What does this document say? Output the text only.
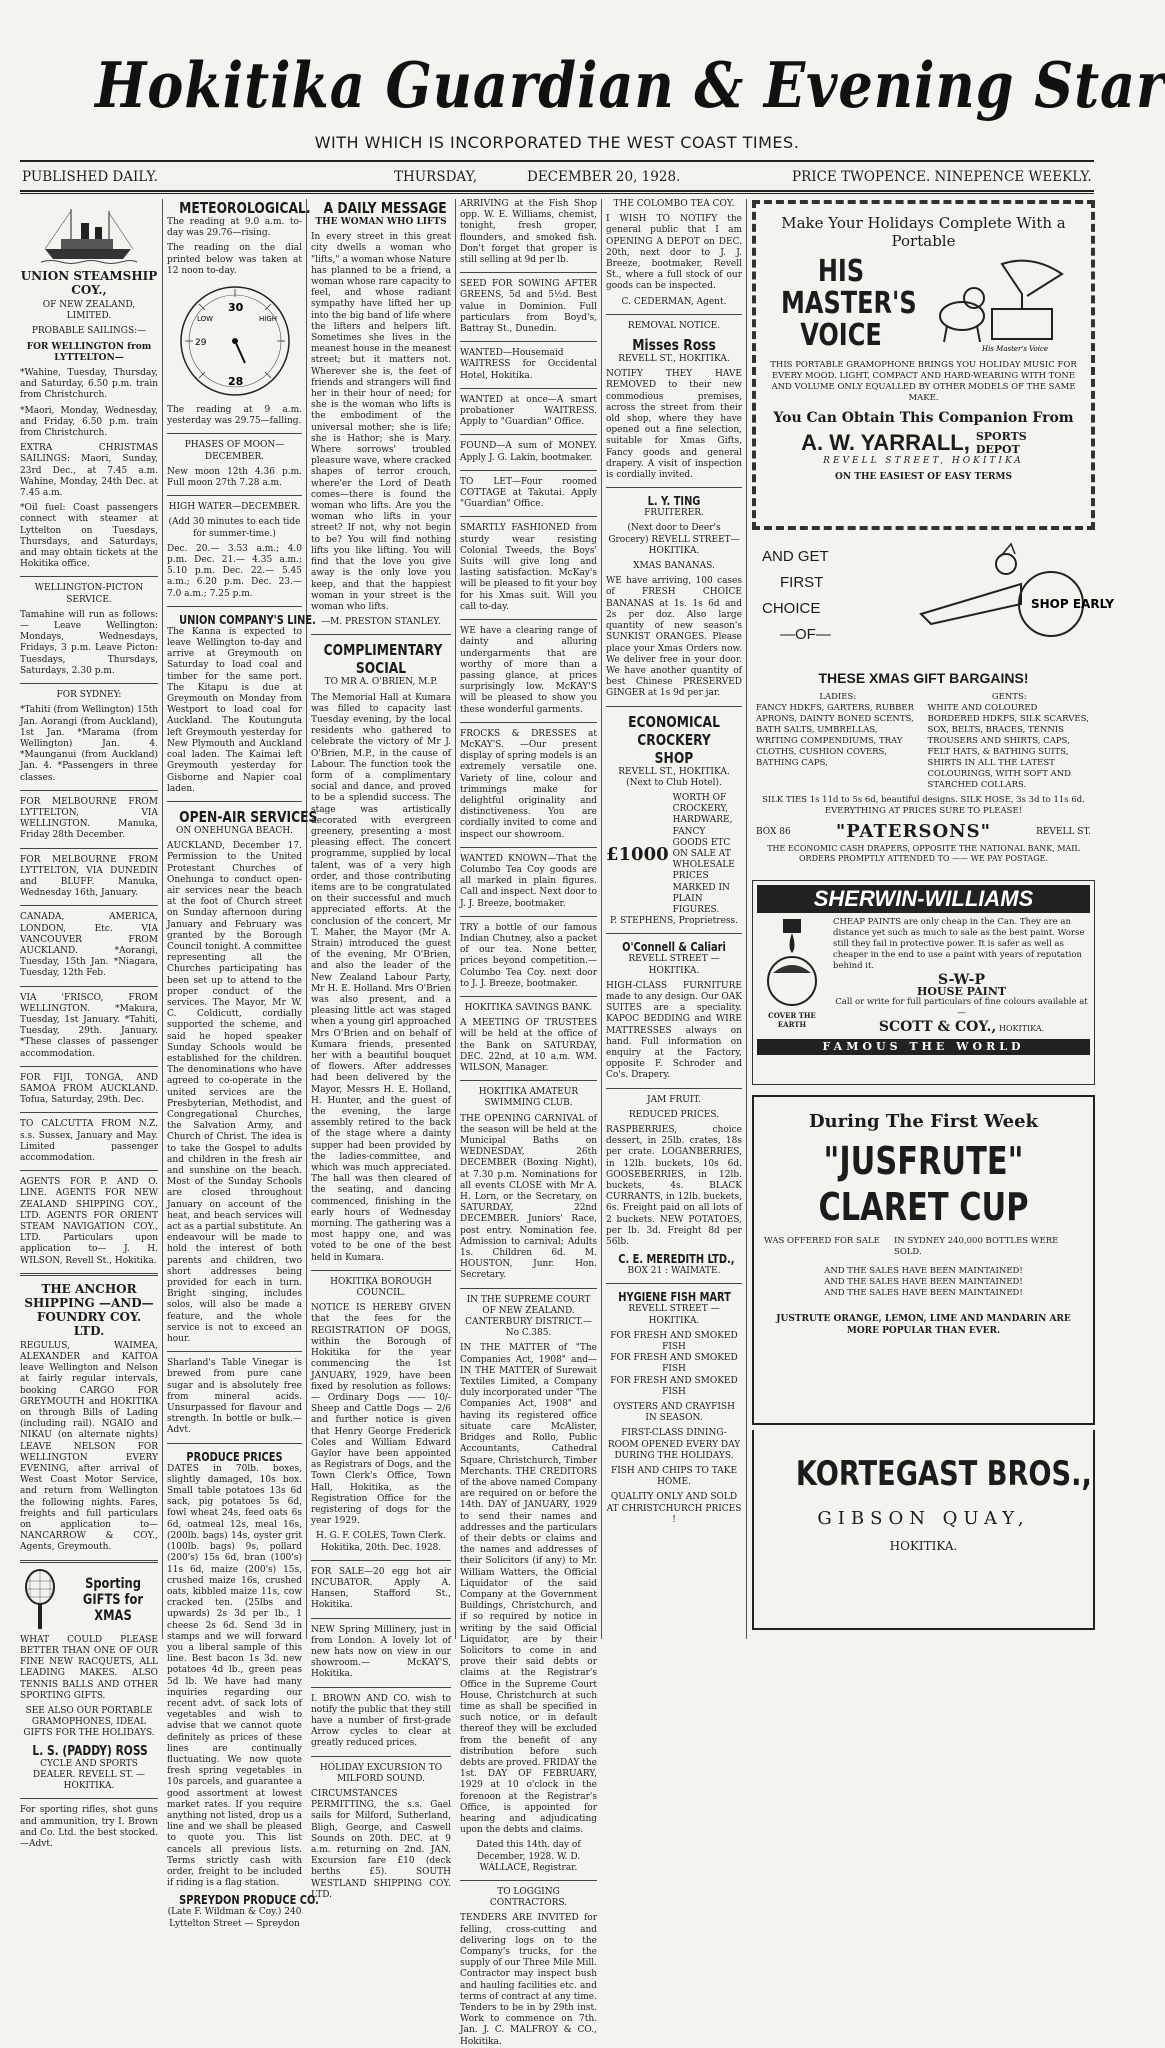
Hokitika Guardian & Evening Star
WITH WHICH IS INCORPORATED THE WEST COAST TIMES.
PUBLISHED DAILY.	THURSDAY,	DECEMBER 20, 1928.	PRICE TWOPENCE. NINEPENCE WEEKLY.
UNION STEAMSHIP COY.,

OF NEW ZEALAND, LIMITED.

PROBABLE SAILINGS:—

FOR WELLINGTON from LYTTELTON—

*Wahine, Tuesday, Thursday, and Saturday, 6.50 p.m. train from Christchurch.

*Maori, Monday, Wednesday, and Friday, 6.50 p.m. train from Christchurch.

EXTRA CHRISTMAS SAILINGS: Maori, Sunday, 23rd Dec., at 7.45 a.m. Wahine, Monday, 24th Dec. at 7.45 a.m.

*Oil fuel: Coast passengers connect with steamer at Lyttelton on Tuesdays, Thursdays, and Saturdays, and may obtain tickets at the Hokitika office.

WELLINGTON-PICTON SERVICE.

Tamahine will run as follows:— Leave Wellington: Mondays, Wednesdays, Fridays, 3 p.m. Leave Picton: Tuesdays, Thursdays, Saturdays, 2.30 p.m.

FOR SYDNEY:

*Tahiti (from Wellington) 15th Jan. Aorangi (from Auckland), 1st Jan. *Marama (from Wellington) Jan. 4. *Maunganui (from Auckland) Jan. 4. *Passengers in three classes.

FOR MELBOURNE FROM LYTTELTON, VIA WELLINGTON. Manuka, Friday 28th December.

FOR MELBOURNE FROM LYTTELTON, VIA DUNEDIN and BLUFF. Manuka, Wednesday 16th, January.

CANADA, AMERICA, LONDON, Etc. VIA VANCOUVER FROM AUCKLAND. *Aorangi, Tuesday, 15th Jan. *Niagara, Tuesday, 12th Feb.

VIA 'FRISCO, FROM WELLINGTON. *Makura, Tuesday, 1st January. *Tahiti, Tuesday, 29th. January. *These classes of passenger accommodation.

FOR FIJI, TONGA, AND SAMOA FROM AUCKLAND. Tofua, Saturday, 29th. Dec.

TO CALCUTTA FROM N.Z. s.s. Sussex, January and May. Limited passenger accommodation.

AGENTS FOR P. AND O. LINE. AGENTS FOR NEW ZEALAND SHIPPING COY., LTD. AGENTS FOR ORIENT STEAM NAVIGATION COY., LTD. Particulars upon application to— J. H. WILSON, Revell St., Hokitika.

THE ANCHOR SHIPPING —AND— FOUNDRY COY. LTD.

REGULUS, WAIMEA, ALEXANDER and KAITOA leave Wellington and Nelson at fairly regular intervals, booking CARGO FOR GREYMOUTH and HOKITIKA on through Bills of Lading (including rail). NGAIO and NIKAU (on alternate nights) LEAVE NELSON FOR WELLINGTON EVERY EVENING, after arrival of West Coast Motor Service, and return from Wellington the following nights. Fares, freights and full particulars on application to— NANCARROW & COY., Agents, Greymouth.

Sporting GIFTS for XMAS

WHAT COULD PLEASE BETTER THAN ONE OF OUR FINE NEW RACQUETS, ALL LEADING MAKES. ALSO TENNIS BALLS AND OTHER SPORTING GIFTS.

SEE ALSO OUR PORTABLE GRAMOPHONES, IDEAL GIFTS FOR THE HOLIDAYS.

L. S. (PADDY) ROSS

CYCLE AND SPORTS DEALER. REVELL ST. — HOKITIKA.

For sporting rifles, shot guns and ammunition, try I. Brown and Co. Ltd. the best stocked.—Advt.

METEOROLOGICAL.

The reading at 9.0 a.m. to-day was 29.76—rising.

The reading on the dial printed below was taken at 12 noon to-day.

LOW	HIGH
30
29
28

The reading at 9 a.m. yesterday was 29.75—falling.

PHASES OF MOON—DECEMBER.

New moon 12th 4.36 p.m. Full moon 27th 7.28 a.m.

HIGH WATER—DECEMBER.

(Add 30 minutes to each tide for summer-time.)

Dec. 20.— 3.53 a.m.; 4.0 p.m. Dec. 21.— 4.35 a.m.; 5.10 p.m. Dec. 22.— 5.45 a.m.; 6.20 p.m. Dec. 23.— 7.0 a.m.; 7.25 p.m.

UNION COMPANY'S LINE.

The Kanna is expected to leave Wellington to-day and arrive at Greymouth on Saturday to load coal and timber for the same port. The Kitapu is due at Greymouth on Monday from Westport to load coal for Auckland. The Koutunguta left Greymouth yesterday for New Plymouth and Auckland coal laden. The Kaimai left Greymouth yesterday for Gisborne and Napier coal laden.

OPEN-AIR SERVICES

ON ONEHUNGA BEACH.

AUCKLAND, December 17. Permission to the United Protestant Churches of Onehunga to conduct open-air services near the beach at the foot of Church street on Sunday afternoon during January and February was granted by the Borough Council tonight. A committee representing all the Churches participating has been set up to attend to the proper conduct of the services. The Mayor, Mr W. C. Coldicutt, cordially supported the scheme, and said he hoped speaker Sunday Schools would be established for the children. The denominations who have agreed to co-operate in the united services are the Presbyterian, Methodist, and Congregational Churches, the Salvation Army, and Church of Christ. The idea is to take the Gospel to adults and children in the fresh air and sunshine on the beach. Most of the Sunday Schools are closed throughout January on account of the heat, and beach services will act as a partial substitute. An endeavour will be made to hold the interest of both parents and children, two short addresses being provided for each in turn. Bright singing, includes solos, will also be made a feature, and the whole service is not to exceed an hour.

Sharland's Table Vinegar is brewed from pure cane sugar and is absolutely free from mineral acids. Unsurpassed for flavour and strength. In bottle or bulk.—Advt.

PRODUCE PRICES

DATES in 70lb. boxes, slightly damaged, 10s box. Small table potatoes 13s 6d sack, pig potatoes 5s 6d, fowl wheat 24s, feed oats 6s 6d, oatmeal 12s, meal 16s, (200lb. bags) 14s, oyster grit (100lb. bags) 9s, pollard (200's) 15s 6d, bran (100's) 11s 6d, maize (200's) 15s, crushed maize 16s, crushed oats, kibbled maize 11s, cow cracked ten. (25lbs and upwards) 2s 3d per lb., 1 cheese 2s 6d. Send 3d in stamps and we will forward you a liberal sample of this line. Best bacon 1s 3d. new potatoes 4d lb., green peas 5d lb. We have had many inquiries regarding our recent advt. of sack lots of vegetables and wish to advise that we cannot quote definitely as prices of these lines are continually fluctuating. We now quote fresh spring vegetables in 10s parcels, and guarantee a good assortment at lowest market rates. If you require anything not listed, drop us a line and we shall be pleased to quote you. This list cancels all previous lists. Terms strictly cash with order, freight to be included if riding is a flag station.

SPREYDON PRODUCE CO.

(Late F. Wildman & Coy.) 240 Lyttelton Street — Spreydon

A DAILY MESSAGE

THE WOMAN WHO LIFTS

In every street in this great city dwells a woman who "lifts," a woman whose Nature has planned to be a friend, a woman whose rare capacity to feel, and whose radiant sympathy have lifted her up into the big band of life where the lifters and helpers lift. Sometimes she lives in the meanest house in the meanest street; but it matters not. Wherever she is, the feet of friends and strangers will find her in their hour of need; for she is the woman who lifts is the embodiment of the universal mother; she is life; she is Hathor; she is Mary. Where sorrows' troubled pleasure wave, where cracked shapes of terror crouch, where'er the Lord of Death comes—there is found the woman who lifts. Are you the woman who lifts in your street? If not, why not begin to be? You will find nothing lifts you like lifting. You will find that the love you give away is the only love you keep, and that the happiest woman in your street is the woman who lifts.

—M. PRESTON STANLEY.

COMPLIMENTARY SOCIAL

TO MR A. O'BRIEN, M.P.

The Memorial Hall at Kumara was filled to capacity last Tuesday evening, by the local residents who gathered to celebrate the victory of Mr J. O'Brien, M.P., in the cause of Labour. The function took the form of a complimentary social and dance, and proved to be a splendid success. The stage was artistically decorated with evergreen greenery, presenting a most pleasing effect. The concert programme, supplied by local talent, was of a very high order, and those contributing items are to be congratulated on their successful and much appreciated efforts. At the conclusion of the concert, Mr T. Maher, the Mayor (Mr A. Strain) introduced the guest of the evening, Mr O'Brien, and also the leader of the New Zealand Labour Party, Mr H. E. Holland. Mrs O'Brien was also present, and a pleasing little act was staged when a young girl approached Mrs O'Brien and on behalf of Kumara friends, presented her with a beautiful bouquet of flowers. After addresses had been delivered by the Mayor, Messrs H. E. Holland, H. Hunter, and the guest of the evening, the large assembly retired to the back of the stage where a dainty supper had been provided by the ladies-committee, and which was much appreciated. The hall was then cleared of the seating, and dancing commenced, finishing in the early hours of Wednesday morning. The gathering was a most happy one, and was voted to be one of the best held in Kumara.

HOKITIKA BOROUGH COUNCIL.

NOTICE IS HEREBY GIVEN that the fees for the REGISTRATION OF DOGS, within the Borough of Hokitika for the year commencing the 1st JANUARY, 1929, have been fixed by resolution as follows:— Ordinary Dogs —— 10/- Sheep and Cattle Dogs — 2/6 and further notice is given that Henry George Frederick Coles and William Edward Gaylor have been appointed as Registrars of Dogs, and the Town Clerk's Office, Town Hall, Hokitika, as the Registration Office for the registering of dogs for the year 1929.

H. G. F. COLES, Town Clerk. Hokitika, 20th. Dec. 1928.

FOR SALE—20 egg hot air INCUBATOR. Apply A. Hansen, Stafford St., Hokitika.

NEW Spring Millinery, just in from London. A lovely lot of new hats now on view in our showroom.— McKAY'S, Hokitika.

I. BROWN AND CO. wish to notify the public that they still have a number of first-grade Arrow cycles to clear at greatly reduced prices.

HOLIDAY EXCURSION TO MILFORD SOUND.

CIRCUMSTANCES PERMITTING, the s.s. Gael sails for Milford, Sutherland, Bligh, George, and Caswell Sounds on 20th. DEC. at 9 a.m. returning on 2nd. JAN. Excursion fare £10 (deck berths £5). SOUTH WESTLAND SHIPPING COY. LTD.

ARRIVING at the Fish Shop opp. W. E. Williams, chemist, tonight, fresh groper, flounders, and smoked fish. Don't forget that groper is still selling at 9d per lb.

SEED FOR SOWING AFTER GREENS, 5d and 5½d. Best value in Dominion. Full particulars from Boyd's, Battray St., Dunedin.

WANTED—Housemaid WAITRESS for Occidental Hotel, Hokitika.

WANTED at once—A smart probationer WAITRESS. Apply to "Guardian" Office.

FOUND—A sum of MONEY. Apply J. G. Lakin, bootmaker.

TO LET—Four roomed COTTAGE at Takutai. Apply "Guardian" Office.

SMARTLY FASHIONED from sturdy wear resisting Colonial Tweeds, the Boys' Suits will give long and lasting satisfaction. McKay's will be pleased to fit your boy for his Xmas suit. Will you call to-day.

WE have a clearing range of dainty and alluring undergarments that are worthy of more than a passing glance, at prices surprisingly low. McKAY'S will be pleased to show you these wonderful garments.

FROCKS & DRESSES at McKAY'S. —Our present display of spring models is an extremely versatile one. Variety of line, colour and trimmings make for delightful originality and distinctiveness. You are cordially invited to come and inspect our showroom.

WANTED KNOWN—That the Columbo Tea Coy goods are all marked in plain figures. Call and inspect. Next door to J. J. Breeze, bootmaker.

TRY a bottle of our famous Indian Chutney, also a packet of our tea. None better, prices beyond competition.—Columbo Tea Coy. next door to J. J. Breeze, bootmaker.

HOKITIKA SAVINGS BANK.

A MEETING OF TRUSTEES will be held at the office of the Bank on SATURDAY, DEC. 22nd, at 10 a.m. WM. WILSON, Manager.

HOKITIKA AMATEUR SWIMMING CLUB.

THE OPENING CARNIVAL of the season will be held at the Municipal Baths on WEDNESDAY, 26th DECEMBER (Boxing Night), at 7.30 p.m. Nominations for all events CLOSE with Mr A. H. Lorn, or the Secretary, on SATURDAY, 22nd DECEMBER. Juniors' Race, post entry. Nomination fee. Admission to carnival; Adults 1s. Children 6d. M. HOUSTON, Junr. Hon. Secretary.

IN THE SUPREME COURT OF NEW ZEALAND. CANTERBURY DISTRICT.—No C.385.

IN THE MATTER of "The Companies Act, 1908" and— IN THE MATTER of Surewait Textiles Limited, a Company duly incorporated under "The Companies Act, 1908" and having its registered office situate care McAlister, Bridges and Rollo, Public Accountants, Cathedral Square, Christchurch, Timber Merchants. THE CREDITORS of the above named Company are required on or before the 14th. DAY of JANUARY, 1929 to send their names and addresses and the particulars of their debts or claims and the names and addresses of their Solicitors (if any) to Mr. William Watters, the Official Liquidator of the said Company at the Government Buildings, Christchurch, and if so required by notice in writing by the said Official Liquidator, are by their Solicitors to come in and prove their said debts or claims at the Registrar's Office in the Supreme Court House, Christchurch at such time as shall be specified in such notice, or in default thereof they will be excluded from the benefit of any distribution before such debts are proved. FRIDAY the 1st. DAY OF FEBRUARY, 1929 at 10 o'clock in the forenoon at the Registrar's Office, is appointed for hearing and adjudicating upon the debts and claims.

Dated this 14th. day of December, 1928. W. D. WALLACE, Registrar.

TO LOGGING CONTRACTORS.

TENDERS ARE INVITED for felling, cross-cutting and delivering logs on to the Company's trucks, for the supply of our Three Mile Mill. Contractor may inspect bush and hauling facilities etc. and terms of contract at any time. Tenders to be in by 29th inst. Work to commence on 7th. Jan. J. C. MALFROY & CO., Hokitika.

THE COLOMBO TEA COY.

I WISH TO NOTIFY the general public that I am OPENING A DEPOT on DEC. 20th, next door to J. J. Breeze, bootmaker, Revell St., where a full stock of our goods can be inspected.

C. CEDERMAN, Agent.

REMOVAL NOTICE.

Misses Ross

REVELL ST., HOKITIKA.

NOTIFY THEY HAVE REMOVED to their new commodious premises, across the street from their old shop, where they have opened out a fine selection, suitable for Xmas Gifts, Fancy goods and general drapery. A visit of inspection is cordially invited.

L. Y. TING

FRUITERER.

(Next door to Deer's Grocery) REVELL STREET—HOKITIKA.

XMAS BANANAS.

WE have arriving, 100 cases of FRESH CHOICE BANANAS at 1s. 1s 6d and 2s per doz. Also large quantity of new season's SUNKIST ORANGES. Please place your Xmas Orders now. We deliver free in your door. We have another quantity of best Chinese PRESERVED GINGER at 1s 9d per jar.

ECONOMICAL CROCKERY SHOP

REVELL ST., HOKITIKA. (Next to Club Hotel).

£1000
WORTH OF CROCKERY, HARDWARE, FANCY GOODS ETC ON SALE AT WHOLESALE PRICES MARKED IN PLAIN FIGURES.

P. STEPHENS, Proprietress.

O'Connell & Caliari

REVELL STREET — HOKITIKA.

HIGH-CLASS FURNITURE made to any design. Our OAK SUITES are a speciality. KAPOC BEDDING and WIRE MATTRESSES always on hand. Full information on enquiry at the Factory, opposite F. Schroder and Co's. Drapery.

JAM FRUIT.

REDUCED PRICES.

RASPBERRIES, choice dessert, in 25lb. crates, 18s per crate. LOGANBERRIES, in 12lb. buckets, 10s 6d. GOOSEBERRIES, in 12lb. buckets, 4s. BLACK CURRANTS, in 12lb. buckets, 6s. Freight paid on all lots of 2 buckets. NEW POTATOES, per lb. 3d. Freight 8d per 56lb.

C. E. MEREDITH LTD.,

BOX 21 : WAIMATE.

HYGIENE FISH MART

REVELL STREET — HOKITIKA.

FOR FRESH AND SMOKED FISH

FOR FRESH AND SMOKED FISH

FOR FRESH AND SMOKED FISH

OYSTERS AND CRAYFISH IN SEASON.

FIRST-CLASS DINING-ROOM OPENED EVERY DAY DURING THE HOLIDAYS.

FISH AND CHIPS TO TAKE HOME.

QUALITY ONLY AND SOLD AT CHRISTCHURCH PRICES !

Make Your Holidays Complete With a Portable
HIS MASTER'S VOICE	His Master's Voice

THIS PORTABLE GRAMOPHONE BRINGS YOU HOLIDAY MUSIC FOR EVERY MOOD. LIGHT, COMPACT AND HARD-WEARING WITH TONE AND VOLUME ONLY EQUALLED BY OTHER MODELS OF THE SAME MAKE.

You Can Obtain This Companion From
A. W. YARRALL, SPORTS DEPOT
REVELL STREET, HOKITIKA
ON THE EASIEST OF EASY TERMS
AND GET
FIRST
CHOICE
—OF—
SHOP EARLY
THESE XMAS GIFT BARGAINS!
LADIES:
FANCY HDKFS, GARTERS, RUBBER APRONS, DAINTY BONED SCENTS, BATH SALTS, UMBRELLAS, WRITING COMPENDIUMS, TRAY CLOTHS, CUSHION COVERS, BATHING CAPS,
GENTS:
WHITE AND COLOURED BORDERED HDKFS, SILK SCARVES, SOX, BELTS, BRACES, TENNIS TROUSERS AND SHIRTS, CAPS, FELT HATS, & BATHING SUITS, SHIRTS IN ALL THE LATEST COLOURINGS, WITH SOFT AND STARCHED COLLARS.
SILK TIES 1s 11d to 5s 6d, beautiful designs. SILK HOSE, 3s 3d to 11s 6d. EVERYTHING AT PRICES SURE TO PLEASE!
BOX 86	"PATERSONS"	REVELL ST.
THE ECONOMIC CASH DRAPERS, OPPOSITE THE NATIONAL BANK, MAIL ORDERS PROMPTLY ATTENDED TO —— WE PAY POSTAGE.
SHERWIN-WILLIAMS
COVER THE EARTH
CHEAP PAINTS are only cheap in the Can. They are an distance yet such as much to sale as the best paint. Worse still they fail in protective power. It is safer as well as cheaper in the end to use a paint with years of reputation behind it.
S-W-P
HOUSE PAINT
Call or write for full particulars of fine colours available at—
SCOTT & COY., HOKITIKA.
FAMOUS THE WORLD
During The First Week
"JUSFRUTE"
CLARET CUP
WAS OFFERED FOR SALE	IN SYDNEY 240,000 BOTTLES WERE SOLD.
AND THE SALES HAVE BEEN MAINTAINED!
AND THE SALES HAVE BEEN MAINTAINED!
AND THE SALES HAVE BEEN MAINTAINED!
JUSTRUTE ORANGE, LEMON, LIME AND MANDARIN ARE MORE POPULAR THAN EVER.
KORTEGAST BROS.,
GIBSON QUAY,
HOKITIKA.
